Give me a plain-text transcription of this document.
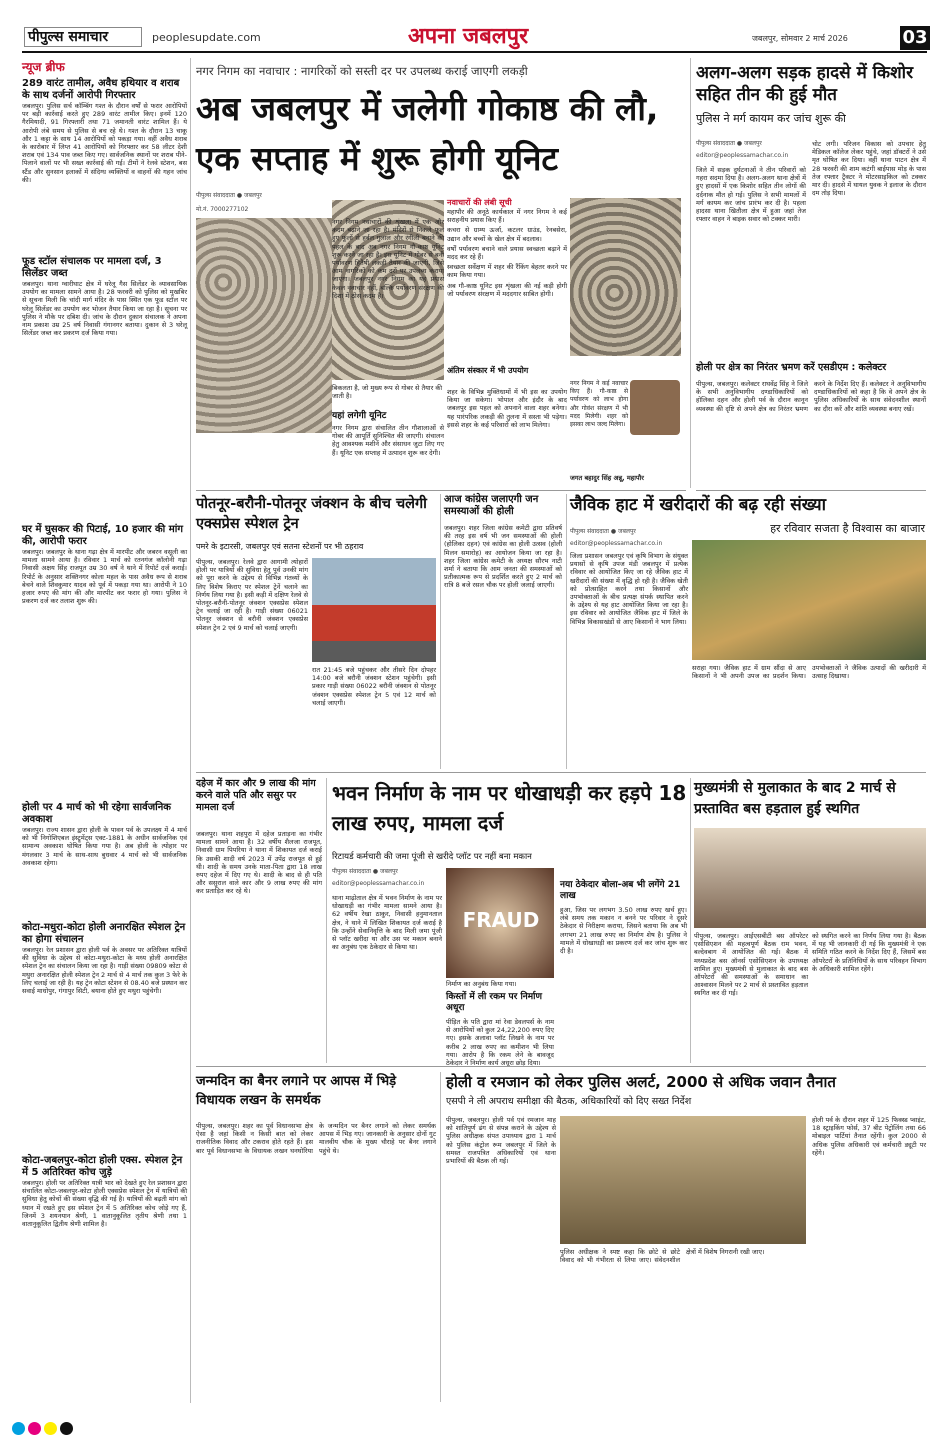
पीपुल्स समाचार	peoplesupdate.com	अपना जबलपुर	जबलपुर, सोमवार 2 मार्च 2026	03
न्यूज ब्रीफ
289 वारंट तामील, अवैध हथियार व शराब के साथ दर्जनों आरोपी गिरफ्तार
जबलपुर। पुलिस सर्च कॉम्बिंग गश्त के दौरान वर्षों से फरार आरोपियों पर बड़ी कार्रवाई करते हुए 289 वारंट तामील किए। इनमें 120 गैरमियादी, 91 गिरफ्तारी तथा 71 जमानती वारंट शामिल हैं। ये आरोपी लंबे समय से पुलिस से बच रहे थे। गश्त के दौरान 13 चाकू और 1 कट्टा के साथ 14 आरोपियों को पकड़ा गया। वहीं अवैध शराब के कारोबार में लिप्त 41 आरोपियों को गिरफ्तार कर 58 लीटर देशी शराब एवं 134 पाव जब्त किए गए। सार्वजनिक स्थानों पर शराब पीने-पिलाने वालों पर भी सख्त कार्रवाई की गई। टीमों ने रेलवे स्टेशन, बस स्टैंड और सुनसान इलाकों में संदिग्ध व्यक्तियों व वाहनों की गहन जांच की।
फूड स्टॉल संचालक पर मामला दर्ज, 3 सिलेंडर जब्त
जबलपुर। थाना ग्वारीघाट क्षेत्र में घरेलू गैस सिलेंडर के व्यावसायिक उपयोग का मामला सामने आया है। 28 फरवरी को पुलिस को मुखबिर से सूचना मिली कि चांदी मार्ग मंदिर के पास स्थित एक फूड स्टॉल पर घरेलू सिलेंडर का उपयोग कर भोजन तैयार किया जा रहा है। सूचना पर पुलिस ने मौके पर दबिश दी। जांच के दौरान दुकान संचालक ने अपना नाम प्रकाश उम्र 25 वर्ष निवासी गंगानगर बताया। दुकान से 3 घरेलू सिलेंडर जब्त कर प्रकरण दर्ज किया गया।
घर में घुसकर की पिटाई, 10 हजार की मांग की, आरोपी फरार
जबलपुर। जबलपुर के थाना गढ़ा क्षेत्र में मारपीट और जबरन वसूली का मामला सामने आया है। रविवार 1 मार्च को रतनगंज कॉलोनी गढ़ा निवासी अक्षय सिंह राजपूत उम्र 30 वर्ष ने थाने में रिपोर्ट दर्ज कराई। रिपोर्ट के अनुसार शक्तिनगर कोला महल के पास अवैध रूप से शराब बेचने वाले शिवकुमार यादव को पूर्व में पकड़ा गया था। आरोपी ने 10 हजार रुपए की मांग की और मारपीट कर फरार हो गया। पुलिस ने प्रकरण दर्ज कर तलाश शुरू की।
होली पर 4 मार्च को भी रहेगा सार्वजनिक अवकाश
जबलपुर। राज्य शासन द्वारा होली के पावन पर्व के उपलक्ष्य में 4 मार्च को भी निगोशिएबल इंस्ट्रूमेंट्स एक्ट-1881 के अधीन सार्वजनिक एवं सामान्य अवकाश घोषित किया गया है। अब होली के त्योहार पर मंगलवार 3 मार्च के साथ-साथ बुधवार 4 मार्च को भी सार्वजनिक अवकाश रहेगा।
कोटा-मधुरा-कोटा होली अनारक्षित स्पेशल ट्रेन का होगा संचालन
जबलपुर। रेल प्रशासन द्वारा होली पर्व के अवसर पर अतिरिक्त यात्रियों की सुविधा के उद्देश्य से कोटा-मथुरा-कोटा के मध्य होली अनारक्षित स्पेशल ट्रेन का संचालन किया जा रहा है। गाड़ी संख्या 09809 कोटा से मथुरा अनारक्षित होली स्पेशल ट्रेन 2 मार्च से 4 मार्च तक कुल 3 फेरे के लिए चलाई जा रही है। यह ट्रेन कोटा स्टेशन से 08.40 बजे प्रस्थान कर सवाई माधोपुर, गंगापुर सिटी, बयाना होते हुए मथुरा पहुंचेगी।
कोटा-जबलपुर-कोटा होली एक्स. स्पेशल ट्रेन में 5 अतिरिक्त कोच जुड़े
जबलपुर। होली पर अतिरिक्त यात्री भार को देखते हुए रेल प्रशासन द्वारा संचालित कोटा-जबलपुर-कोटा होली एक्सप्रेस स्पेशल ट्रेन में यात्रियों की सुविधा हेतु कोचों की संख्या वृद्धि की गई है। यात्रियों की बढ़ती मांग को ध्यान में रखते हुए इस स्पेशल ट्रेन में 5 अतिरिक्त कोच जोड़े गए हैं, जिनमें 3 शयनयान श्रेणी, 1 वातानुकूलित तृतीय श्रेणी तथा 1 वातानुकूलित द्वितीय श्रेणी शामिल है।
नगर निगम का नवाचार : नागरिकों को सस्ती दर पर उपलब्ध कराई जाएगी लकड़ी
अब जबलपुर में जलेगी गोकाष्ठ की लौ, एक सप्ताह में शुरू होगी यूनिट
पीपुल्स संवाददाता ● जबलपुर
मो.नं. 7000277102
नगर निगम नवाचारों की शृंखला में एक और कदम बढ़ाने जा रहा है। मंदिरों से निकले फूल हुए फूलों से हर्बल गुलाल और रंगीली बनाने की पहल के बाद अब नगर निगम गौ-काष्ठ यूनिट शुरू करने जा रहा है। इस यूनिट में गोबर से बनी पर्यावरण हितैषी लकड़ी तैयार की जाएगी, जिसे आम नागरिकों को कम दरों पर उपलब्ध कराया जाएगा। जबलपुर नगर निगम का यह प्रयास केवल नवाचार नहीं, बल्कि पर्यावरण संरक्षण की दिशा में ठोस कदम है।
बिकलता है, जो मुख्य रूप से गोबर से तैयार की जाती है।
यहां लगेगी यूनिट
नगर निगम द्वारा संचालित तीन गौशालाओं से गोबर की आपूर्ति सुनिश्चित की जाएगी। संचालन हेतु आवश्यक मशीनें और संसाधन जुटा लिए गए हैं। यूनिट एक सप्ताह में उत्पादन शुरू कर देगी।
नवाचारों की लंबी सूची
महापौर की अनूठे कार्यकाल में नगर निगम ने कई सराहनीय प्रयास किए हैं।
कचरा से ग्राम्य ऊर्जा, कटलर ग्राउंड, रेनबसेरा, उद्यान और बच्चों के खेल क्षेत्र में बदलाव।
वर्षों पर्यावरण बचाने वाले प्रयास स्वच्छता बढ़ाने में मदद कर रहे हैं।
स्वच्छता सर्वेक्षण में शहर की रैंकिंग बेहतर करने पर काम किया गया।
अब गौ-काष्ठ यूनिट इस शृंखला की नई कड़ी होगी जो पर्यावरण संरक्षण में मददगार साबित होगी।
अंतिम संस्कार में भी उपयोग
शहर के विभिन्न मुक्तिधामों में भी इस का उपयोग किया जा सकेगा। भोपाल और इंदौर के बाद जबलपुर इस पहल को अपनाने वाला शहर बनेगा। यह पारंपरिक लकड़ी की तुलना में सस्ता भी पड़ेगा। इससे शहर के कई परिवारों को लाभ मिलेगा।
नगर निगम ने कई नवाचार किए हैं। गौ-काष्ठ से पर्यावरण को लाभ होगा और गोवंश संरक्षण में भी मदद मिलेगी। शहर को इसका लाभ जल्द मिलेगा।
जगत बहादुर सिंह अन्नू, महापौर
अलग-अलग सड़क हादसे में किशोर सहित तीन की हुई मौत
पुलिस ने मर्ग कायम कर जांच शुरू की
पीपुल्स संवाददाता ● जबलपुर
editor@peoplessamachar.co.in
जिले में सड़क दुर्घटनाओं ने तीन परिवारों को गहरा सदमा दिया है। अलग-अलग थाना क्षेत्रों में हुए हादसों में एक किशोर सहित तीन लोगों की दर्दनाक मौत हो गई। पुलिस ने सभी मामलों में मर्ग कायम कर जांच प्रारंभ कर दी है। पहला हादसा थाना खितौला क्षेत्र में हुआ जहां तेज रफ्तार वाहन ने बाइक सवार को टक्कर मारी।
चोट लगी। परिजन विकास को उपचार हेतु मेडिकल कॉलेज लेकर पहुंचे, जहां डॉक्टरों ने उसे मृत घोषित कर दिया। वहीं थाना पाटन क्षेत्र में 28 फरवरी की शाम कटंगी बाईपास मोड़ के पास तेज रफ्तार ट्रैक्टर ने मोटरसाइकिल को टक्कर मार दी। हादसे में घायल युवक ने इलाज के दौरान दम तोड़ दिया।
होली पर क्षेत्र का निरंतर भ्रमण करें एसडीएम : कलेक्टर
पीपुल्स, जबलपुर। कलेक्टर राघवेंद्र सिंह ने जिले के सभी अनुविभागीय दण्डाधिकारियों को होलिका दहन और होली पर्व के दौरान कानून व्यवस्था की दृष्टि से अपने क्षेत्र का निरंतर भ्रमण करने के निर्देश दिए हैं। कलेक्टर ने अनुविभागीय दण्डाधिकारियों को कहा है कि वे अपने क्षेत्र के पुलिस अधिकारियों के साथ संवेदनशील स्थानों का दौरा करें और शांति व्यवस्था बनाए रखें।
पोतनूर-बरौनी-पोतनूर जंक्शन के बीच चलेगी एक्सप्रेस स्पेशल ट्रेन
पमरे के इटारसी, जबलपुर एवं सतना स्टेशनों पर भी ठहराव
पीपुल्स, जबलपुर। रेलवे द्वारा आगामी त्योहारों होली पर यात्रियों की सुविधा हेतु पूर्व उनकी मांग को पूरा करने के उद्देश्य से विभिन्न गंतव्यों के लिए विशेष किराए पर स्पेशल ट्रेनें चलाने का निर्णय लिया गया है। इसी कड़ी में दक्षिण रेलवे से पोतनूर-बरौनी-पोतनूर जंक्शन एक्सप्रेस स्पेशल ट्रेन चलाई जा रही है। गाड़ी संख्या 06021 पोतनूर जंक्शन से बरौनी जंक्शन एक्सप्रेस स्पेशल ट्रेन 2 एवं 9 मार्च को चलाई जाएगी।
रात 21:45 बजे पहुंचकर और तीसरे दिन दोपहर 14:00 बजे बरौनी जंक्शन स्टेशन पहुंचेगी। इसी प्रकार गाड़ी संख्या 06022 बरौनी जंक्शन से पोतनूर जंक्शन एक्सप्रेस स्पेशल ट्रेन 5 एवं 12 मार्च को चलाई जाएगी।
आज कांग्रेस जलाएगी जन समस्याओं की होली
जबलपुर। शहर जिला कांग्रेस कमेटी द्वारा प्रतिवर्ष की तरह इस वर्ष भी जन समस्याओं की होली (होलिका दहन) एवं कांग्रेस का होली उत्सव (होली मिलन समारोह) का आयोजन किया जा रहा है। शहर जिला कांग्रेस कमेटी के अध्यक्ष सौरभ नाटी शर्मा ने बताया कि आम जनता की समस्याओं को प्रतीकात्मक रूप से प्रदर्शित करते हुए 2 मार्च को रात्रि 8 बजे रसल चौक पर होली जलाई जाएगी।
जैविक हाट में खरीदारों की बढ़ रही संख्या
हर रविवार सजता है विश्वास का बाजार
पीपुल्स संवाददाता ● जबलपुर
editor@peoplessamachar.co.in
जिला प्रशासन जबलपुर एवं कृषि विभाग के संयुक्त प्रयासों से कृषि उपज मंडी जबलपुर में प्रत्येक रविवार को आयोजित किए जा रहे जैविक हाट में खरीदारों की संख्या में वृद्धि हो रही है। जैविक खेती को प्रोत्साहित करने तथा किसानों और उपभोक्ताओं के बीच प्रत्यक्ष संपर्क स्थापित करने के उद्देश्य से यह हाट आयोजित किया जा रहा है। इस रविवार को आयोजित जैविक हाट में जिले के विभिन्न विकासखंडों से आए किसानों ने भाग लिया।
सराहा गया। जैविक हाट में ग्राम सौंदा से आए किसानों ने भी अपनी उपज का प्रदर्शन किया। उपभोक्ताओं ने जैविक उत्पादों की खरीदारी में उत्साह दिखाया।
दहेज में कार और 9 लाख की मांग करने वाले पति और ससुर पर मामला दर्ज
जबलपुर। थाना शहपुरा में दहेज प्रताड़ना का गंभीर मामला सामने आया है। 32 वर्षीय शैलजा राजपूत, निवासी ग्राम पिपरिया ने थाना में शिकायत दर्ज कराई कि उसकी शादी वर्ष 2023 में उपेंद्र राजपूत से हुई थी। शादी के समय उनके माता-पिता द्वारा 18 लाख रुपए दहेज में दिए गए थे। शादी के बाद से ही पति और ससुराल वाले कार और 9 लाख रुपए की मांग कर प्रताड़ित कर रहे थे।
भवन निर्माण के नाम पर धोखाधड़ी कर हड़पे 18 लाख रुपए, मामला दर्ज
रिटायर्ड कर्मचारी की जमा पूंजी से खरीदे प्लॉट पर नहीं बना मकान
पीपुल्स संवाददाता ● जबलपुर
editor@peoplessamachar.co.in
FRAUD
निर्माण का अनुबंध किया गया।
थाना माढ़ोताल क्षेत्र में भवन निर्माण के नाम पर धोखाधड़ी का गंभीर मामला सामने आया है। 62 वर्षीय रेखा ठाकुर, निवासी हनुमानताल क्षेत्र, ने थाने में लिखित शिकायत दर्ज कराई है कि उन्होंने सेवानिवृत्ति के बाद मिली जमा पूंजी से प्लॉट खरीदा था और उस पर मकान बनाने का अनुबंध एक ठेकेदार से किया था।
किस्तों में ली रकम पर निर्माण अधूरा
पीड़ित के पति द्वारा मां रेवा डेवलपर्स के नाम से आरोपियों को कुल 24,22,200 रुपए दिए गए। इसके अलावा प्लॉट लिखने के नाम पर करीब 2 लाख रुपए का कमीशन भी लिया गया। आरोप है कि रकम लेने के बावजूद ठेकेदार ने निर्माण कार्य अधूरा छोड़ दिया।
नया ठेकेदार बोला-अब भी लगेंगे 21 लाख
हुआ, जिस पर लगभग 3.50 लाख रुपए खर्च हुए। लंबे समय तक मकान न बनने पर परिवार ने दूसरे ठेकेदार से निरीक्षण कराया, जिसने बताया कि अब भी लगभग 21 लाख रुपए का निर्माण शेष है। पुलिस ने मामले में धोखाधड़ी का प्रकरण दर्ज कर जांच शुरू कर दी है।
मुख्यमंत्री से मुलाकात के बाद 2 मार्च से प्रस्तावित बस हड़ताल हुई स्थगित
पीपुल्स, जबलपुर। आईएसबीटी बस ऑपरेटर एसोसिएशन की महत्वपूर्ण बैठक राम भवन, बल्देवबाग में आयोजित की गई। बैठक में मध्यप्रदेश बस ऑनर्स एसोसिएशन के उपाध्यक्ष शामिल हुए। मुख्यमंत्री से मुलाकात के बाद बस ऑपरेटरों की समस्याओं के समाधान का आश्वासन मिलने पर 2 मार्च से प्रस्तावित हड़ताल स्थगित कर दी गई।
को स्थगित करने का निर्णय लिया गया है। बैठक में यह भी जानकारी दी गई कि मुख्यमंत्री ने एक समिति गठित करने के निर्देश दिए हैं, जिसमें बस ऑपरेटरों के प्रतिनिधियों के साथ परिवहन विभाग के अधिकारी शामिल रहेंगे।
जन्मदिन का बैनर लगाने पर आपस में भिड़े विधायक लखन के समर्थक
पीपुल्स, जबलपुर। शहर का पूर्व विधानसभा क्षेत्र ऐसा है जहां किसी न किसी बात को लेकर राजनीतिक विवाद और टकराव होते रहते हैं। इस बार पूर्व विधानसभा के विधायक लखन घनघोरिया के जन्मदिन पर बैनर लगाने को लेकर समर्थक आपस में भिड़ गए। जानकारी के अनुसार दोनों गुट मालवीय चौक के मुख्य चौराहे पर बैनर लगाने पहुंचे थे।
होली व रमजान को लेकर पुलिस अलर्ट, 2000 से अधिक जवान तैनात
एसपी ने ली अपराध समीक्षा की बैठक, अधिकारियों को दिए सख्त निर्देश
पीपुल्स, जबलपुर। होली पर्व एवं रमजान माह को शांतिपूर्ण ढंग से संपन्न कराने के उद्देश्य से पुलिस अधीक्षक संपत उपाध्याय द्वारा 1 मार्च को पुलिस कंट्रोल रूम जबलपुर में जिले के समस्त राजपत्रित अधिकारियों एवं थाना प्रभारियों की बैठक ली गई।
पुलिस अधीक्षक ने स्पष्ट कहा कि छोटे से छोटे विवाद को भी गंभीरता से लिया जाए। संवेदनशील क्षेत्रों में विशेष निगरानी रखी जाए।
होली पर्व के दौरान शहर में 125 फिक्स्ड प्वाइंट, 18 स्ट्राइकिंग फोर्स, 37 बीट पेट्रोलिंग तथा 66 मोबाइल पार्टियां तैनात रहेंगी। कुल 2000 से अधिक पुलिस अधिकारी एवं कर्मचारी ड्यूटी पर रहेंगे।
